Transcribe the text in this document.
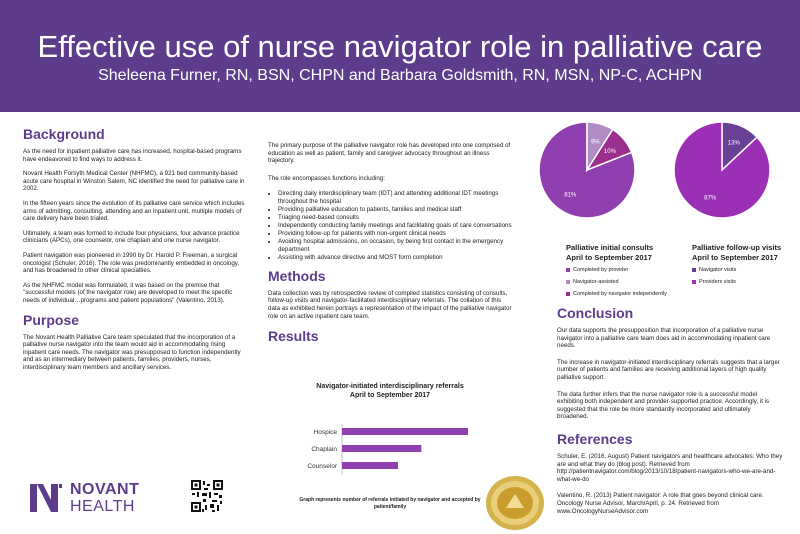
Effective use of nurse navigator role in palliative care
Sheleena Furner, RN, BSN, CHPN and Barbara Goldsmith, RN, MSN, NP-C, ACHPN
Background

As the need for inpatient palliative care has increased, hospital-based programs have endeavored to find ways to address it.

Novant Health Forsyth Medical Center (NHFMC), a 921 bed community-based acute care hospital in Winston Salem, NC identified the need for palliative care in 2002.

In the fifteen years since the evolution of its palliative care service which includes arms of admitting, consulting, attending and an inpatient unit, multiple models of care delivery have been trialed.

Ultimately, a team was formed to include four physicians, four advance practice clinicians (APCs), one counselor, one chaplain and one nurse navigator.

Patient navigation was pioneered in 1990 by Dr. Harold P. Freeman, a surgical oncologist (Schuler, 2016). The role was predominantly embedded in oncology, and has broadened to other clinical specialties.

As the NHFMC model was formulated, it was based on the premise that "successful models (of the navigator role) are developed to meet the specific needs of individual…programs and patient populations" (Valentino, 2013).

Purpose

The Novant Health Palliative Care team speculated that the incorporation of a palliative nurse navigator into the team would aid in accommodating rising inpatient care needs. The navigator was presupposed to function independently and as an intermediary between patients, families, providers, nurses, interdisciplinary team members and ancillary services.

NOVANT
HEALTH

The primary purpose of the palliative navigator role has developed into one comprised of education as well as patient, family and caregiver advocacy throughout an illness trajectory.

The role encompasses functions including:

• Directing daily interdisciplinary team (IDT) and attending additional IDT meetings throughout the hospital
• Providing palliative education to patients, families and medical staff
• Triaging need-based consults
• Independently conducting family meetings and facilitating goals of care conversations
• Providing follow-up for patients with non-urgent clinical needs
• Avoiding hospital admissions, on occasion, by being first contact in the emergency department
• Assisting with advance directive and MOST form completion
Methods

Data collection was by retrospective review of compiled statistics consisting of consults, follow-up visits and navigator-facilitated interdisciplinary referrals. The collation of this data as exhibited herein portrays a representation of the impact of the palliative navigator role on an active inpatient care team.

Results
Navigator-initiated interdisciplinary referrals
April to September 2017
Hospice
Chaplain
Counselor
Graph represents number of referrals initiated by navigator and accepted by patient/family
81%
9%
10%
Palliative initial consults
April to September 2017
Completed by provider
Navigator-assisted
Completed by navigator independently
13%
87%
Palliative follow-up visits
April to September 2017
Navigator visits
Providers visits
Conclusion

Our data supports the presupposition that incorporation of a palliative nurse navigator into a palliative care team does aid in accommodating inpatient care needs.

The increase in navigator-initiated interdisciplinary referrals suggests that a larger number of patients and families are receiving additional layers of high quality palliative support.

The data further infers that the nurse navigator role is a successful model exhibiting both independent and provider-supported practice. Accordingly, it is suggested that the role be more standardly incorporated and ultimately broadened.

References

Schuler, E. (2016, August) Patient navigators and healthcare advocates: Who they are and what they do (blog post). Retrieved from http://patientnavigator.com/blog/2013/10/18/patient-navigators-who-we-are-and-what-we-do

Valentino, R. (2013) Patient navigator: A role that goes beyond clinical care. Oncology Nurse Advisor, March/April, p. 24. Retrieved from www.OncologyNurseAdvisor.com
